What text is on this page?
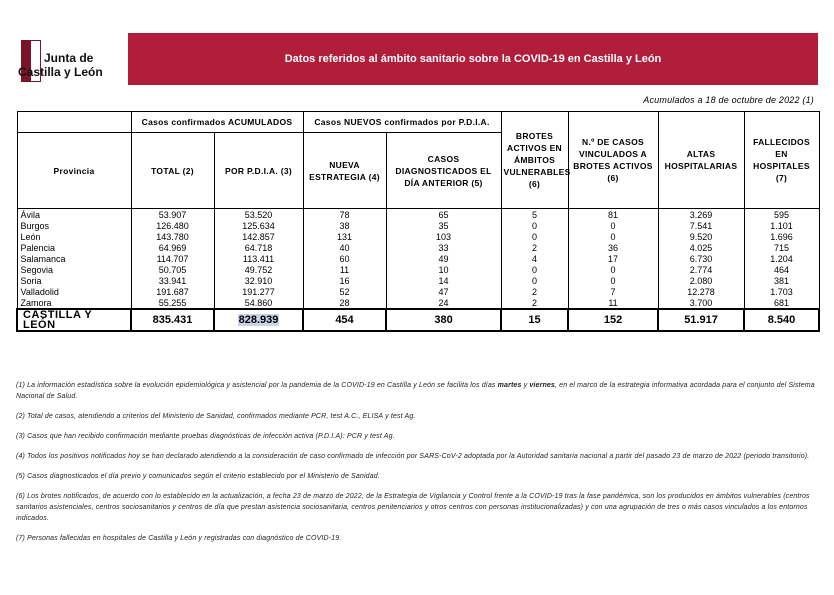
Junta de
Castilla y León
Datos referidos al ámbito sanitario sobre la COVID-19 en Castilla y León
Acumulados a 18 de octubre de 2022 (1)
	Casos confirmados ACUMULADOS		Casos NUEVOS confirmados por P.D.I.A.		BROTES ACTIVOS EN ÁMBITOS VULNERABLES (6)	N.º DE CASOS VINCULADOS A BROTES ACTIVOS (6)	ALTAS HOSPITALARIAS	FALLECIDOS EN HOSPITALES (7)
Provincia	TOTAL (2)	POR P.D.I.A. (3)	NUEVA ESTRATEGIA (4)	CASOS DIAGNOSTICADOS EL DÍA ANTERIOR (5)				
Ávila	53.907	53.520	78	65	5	81	3.269	595
Burgos	126.480	125.634	38	35	0	0	7.541	1.101
León	143.780	142.857	131	103	0	0	9.520	1.696
Palencia	64.969	64.718	40	33	2	36	4.025	715
Salamanca	114.707	113.411	60	49	4	17	6.730	1.204
Segovia	50.705	49.752	11	10	0	0	2.774	464
Soria	33.941	32.910	16	14	0	0	2.080	381
Valladolid	191.687	191.277	52	47	2	7	12.278	1.703
Zamora	55.255	54.860	28	24	2	11	3.700	681
CASTILLA Y LEÓN	835.431	828.939	454	380	15	152	51.917	8.540

(1) La información estadística sobre la evolución epidemiológica y asistencial por la pandemia de la COVID-19 en Castilla y León se facilita los días martes y viernes, en el marco de la estrategia informativa acordada para el conjunto del Sistema Nacional de Salud.

(2) Total de casos, atendiendo a criterios del Ministerio de Sanidad, confirmados mediante PCR, test A.C., ELISA y test Ag.

(3) Casos que han recibido confirmación mediante pruebas diagnósticas de infección activa (P.D.I.A): PCR y test Ag.

(4) Todos los positivos notificados hoy se han declarado atendiendo a la consideración de caso confirmado de infección por SARS-CoV-2 adoptada por la Autoridad sanitaria nacional a partir del pasado 23 de marzo de 2022 (periodo transitorio).

(5) Casos diagnosticados el día previo y comunicados según el criterio establecido por el Ministerio de Sanidad.

(6) Los brotes notificados, de acuerdo con lo establecido en la actualización, a fecha 23 de marzo de 2022, de la Estrategia de Vigilancia y Control frente a la COVID-19 tras la fase pandémica, son los producidos en ámbitos vulnerables (centros sanitarios asistenciales, centros sociosanitarios y centros de día que prestan asistencia sociosanitaria, centros penitenciarios y otros centros con personas institucionalizadas) y con una agrupación de tres o más casos vinculados a los entornos indicados.

(7) Personas fallecidas en hospitales de Castilla y León y registradas con diagnóstico de COVID-19.
